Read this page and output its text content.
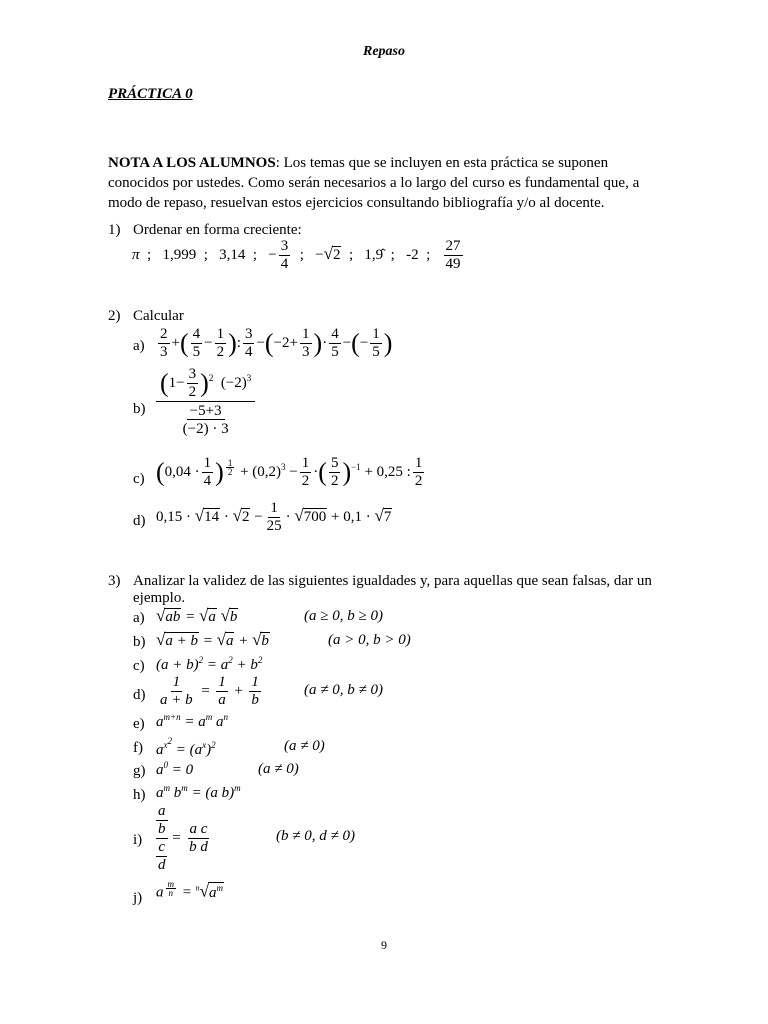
Repaso
PRÁCTICA 0
NOTA A LOS ALUMNOS: Los temas que se incluyen en esta práctica se suponen conocidos por ustedes. Como serán necesarios a lo largo del curso es fundamental que, a modo de repaso, resuelvan estos ejercicios consultando bibliografía y/o al docente.
1) Ordenar en forma creciente:
π  ;   1,999  ;   3,14  ;   − $\frac{3}{4}$ ;   −√2  ;   1,9̂  ;   -2  ; $\frac{27}{49}$
2) Calcular
$a) \frac{2}{3}$ +( $\frac{4}{5} - \frac{1}{2}$ ): $\frac{3}{4} -(-2+ \frac{1}{3}$ )· $\frac{4}{5}$ −(− $\frac{1}{5}$ )
b)
$(1- \frac{3}{2} )^2$  $(-2)^3$
−5+3
(−2) · 3
c) ($0,04 \cdot \frac{1}{4}$ ) $^{\frac{1}{2}} + (0,2)^3 - \frac{1}{2}$ ·( $\frac{5}{2} )^{-1} + 0,25$ : $\frac{1}{2}$
d) $0,15 \cdot √14 \cdot √2 - \frac{1}{25} \cdot √700 + 0,1 \cdot √7$
3) Analizar la validez de las siguientes igualdades y, para aquellas que sean falsas, dar un ejemplo.
a) √ab = √a √b	(a ≥ 0, b ≥ 0)
b) √a + b = √a + √b	(a > 0, b > 0)
c) $(a + b)^2 = a^2 + b^2$
$d) \frac{1}{a + b} = \frac{1}{a} + \frac{1}{b}$	(a ≠ 0, b ≠ 0)
e) $a^{m+n} = a^m$ $a^n$
f) $a^{x^2} = (a^x)^2$	(a ≠ 0)
g) $a^0 = 0$	(a ≠ 0)
h) $a^m$ $b^m = (a$ b)$^m$
$i) \frac{\frac{a}{b}}{\frac{c}{d}} = \frac{\text{a c}}{\text{b d}}$	(b ≠ 0, d ≠ 0)
j) a $^{\frac{m}{n}} = ^n√a^m$
9
